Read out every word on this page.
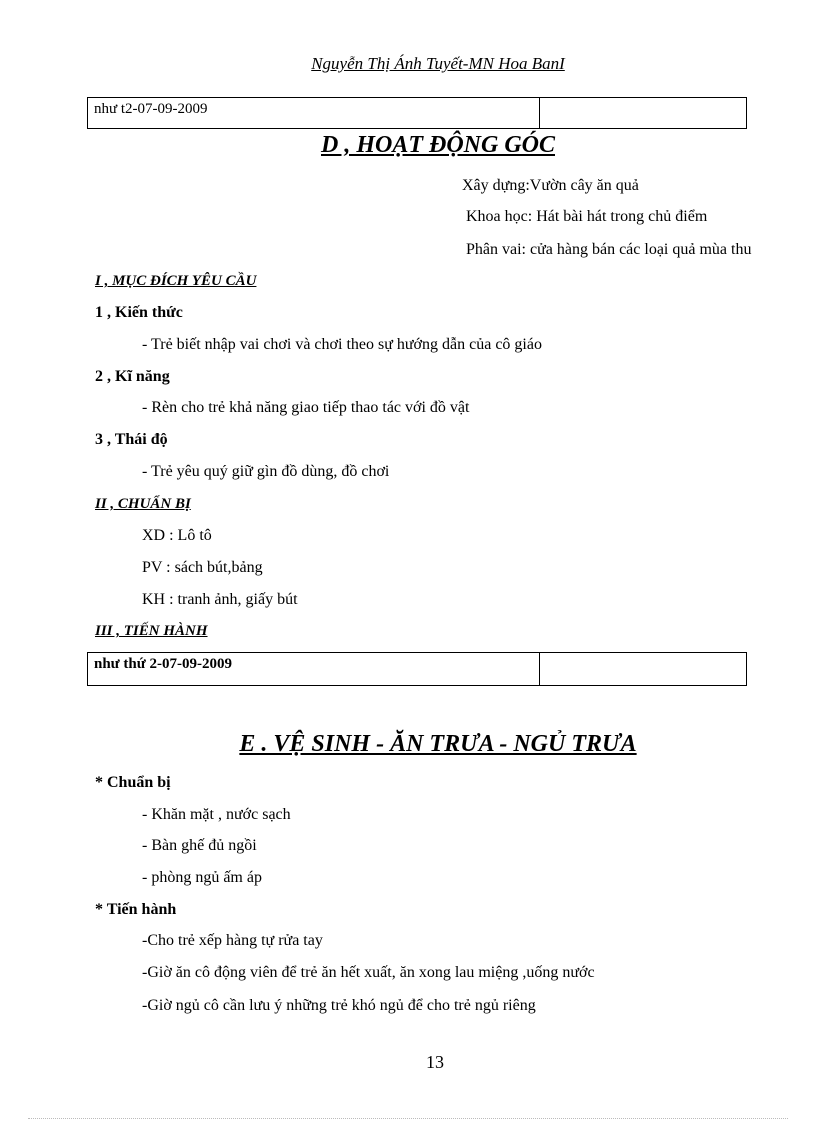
Nguyễn Thị Ánh Tuyết-MN Hoa BanI
như t2-07-09-2009
D , HOẠT ĐỘNG GÓC
Xây dựng:Vườn cây ăn quả
Khoa học: Hát bài hát trong chủ điểm
Phân vai: cửa hàng bán các loại quả mùa thu
I , MỤC ĐÍCH YÊU CẦU
1 , Kiến thức
- Trẻ biết nhập vai chơi và chơi theo sự hướng dẫn của cô giáo
2 , Kĩ năng
- Rèn cho trẻ khả năng giao tiếp thao tác với đồ vật
3 , Thái độ
- Trẻ yêu quý giữ gìn đồ dùng, đồ chơi
II , CHUẨN BỊ
XD : Lô tô
PV : sách bút,bảng
KH : tranh ảnh, giấy bút
III , TIẾN HÀNH
như thứ 2-07-09-2009
E . VỆ SINH - ĂN TRƯA - NGỦ TRƯA
* Chuẩn bị
- Khăn mặt , nước sạch
- Bàn ghế đủ ngồi
- phòng ngủ ấm áp
* Tiến hành
-Cho trẻ xếp hàng tự rửa tay
-Giờ ăn cô động viên để trẻ ăn hết xuất, ăn xong lau miệng ,uống nước
-Giờ ngủ cô cần lưu ý những trẻ khó ngủ để cho trẻ ngủ riêng
13
